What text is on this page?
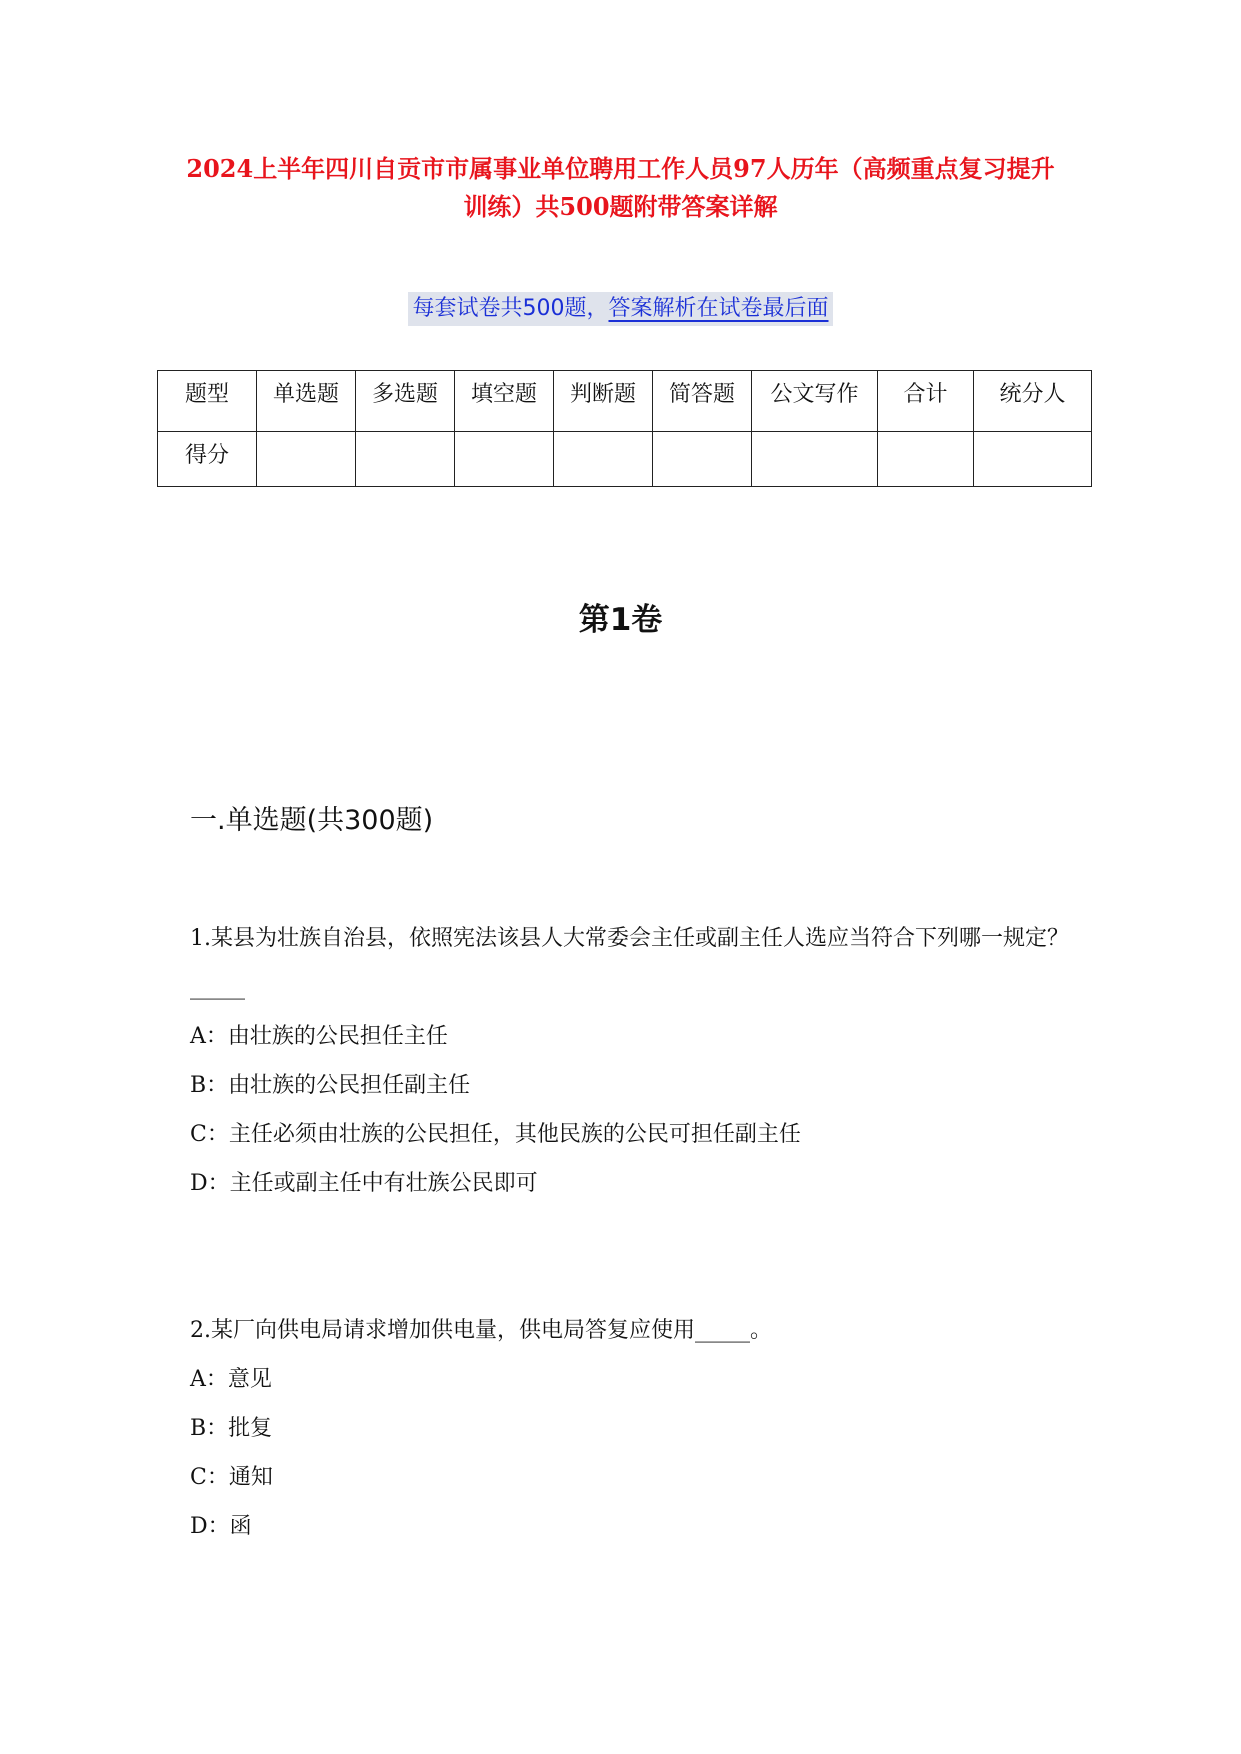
2024上半年四川自贡市市属事业单位聘用工作人员97人历年（高频重点复习提升训练）共500题附带答案详解
每套试卷共500题，答案解析在试卷最后面
题型	单选题	多选题	填空题	判断题	简答题	公文写作	合计	统分人
得分								
第1卷
一.单选题(共300题)
1.某县为壮族自治县，依照宪法该县人大常委会主任或副主任人选应当符合下列哪一规定？_____
A：由壮族的公民担任主任
B：由壮族的公民担任副主任
C：主任必须由壮族的公民担任，其他民族的公民可担任副主任
D：主任或副主任中有壮族公民即可
2.某厂向供电局请求增加供电量，供电局答复应使用_____。
A：意见
B：批复
C：通知
D：函
